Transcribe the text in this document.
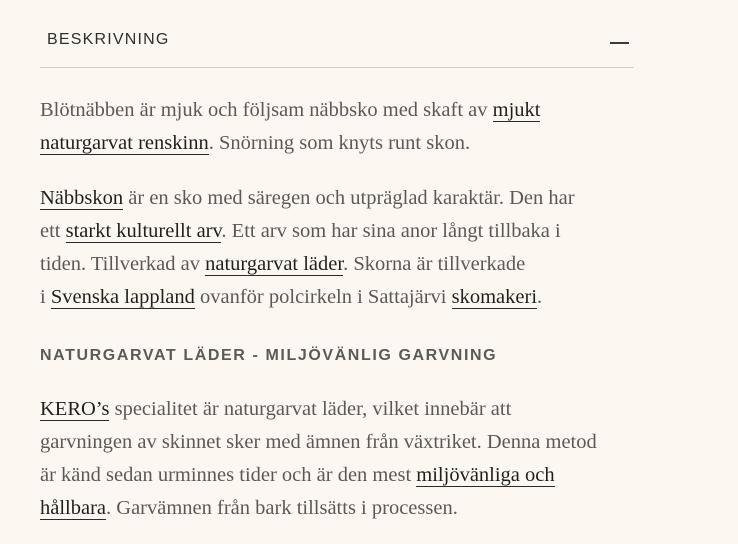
BESKRIVNING

Blötnäbben är mjuk och följsam näbbsko med skaft av mjukt
naturgarvat renskinn. Snörning som knyts runt skon.

Näbbskon är en sko med säregen och utpräglad karaktär. Den har
ett starkt kulturellt arv. Ett arv som har sina anor långt tillbaka i
tiden. Tillverkad av naturgarvat läder. Skorna är tillverkade
i Svenska lappland ovanför polcirkeln i Sattajärvi skomakeri.

NATURGARVAT LÄDER - MILJÖVÄNLIG GARVNING

KERO’s specialitet är naturgarvat läder, vilket innebär att
garvningen av skinnet sker med ämnen från växtriket. Denna metod
är känd sedan urminnes tider och är den mest miljövänliga och
hållbara. Garvämnen från bark tillsätts i processen.
